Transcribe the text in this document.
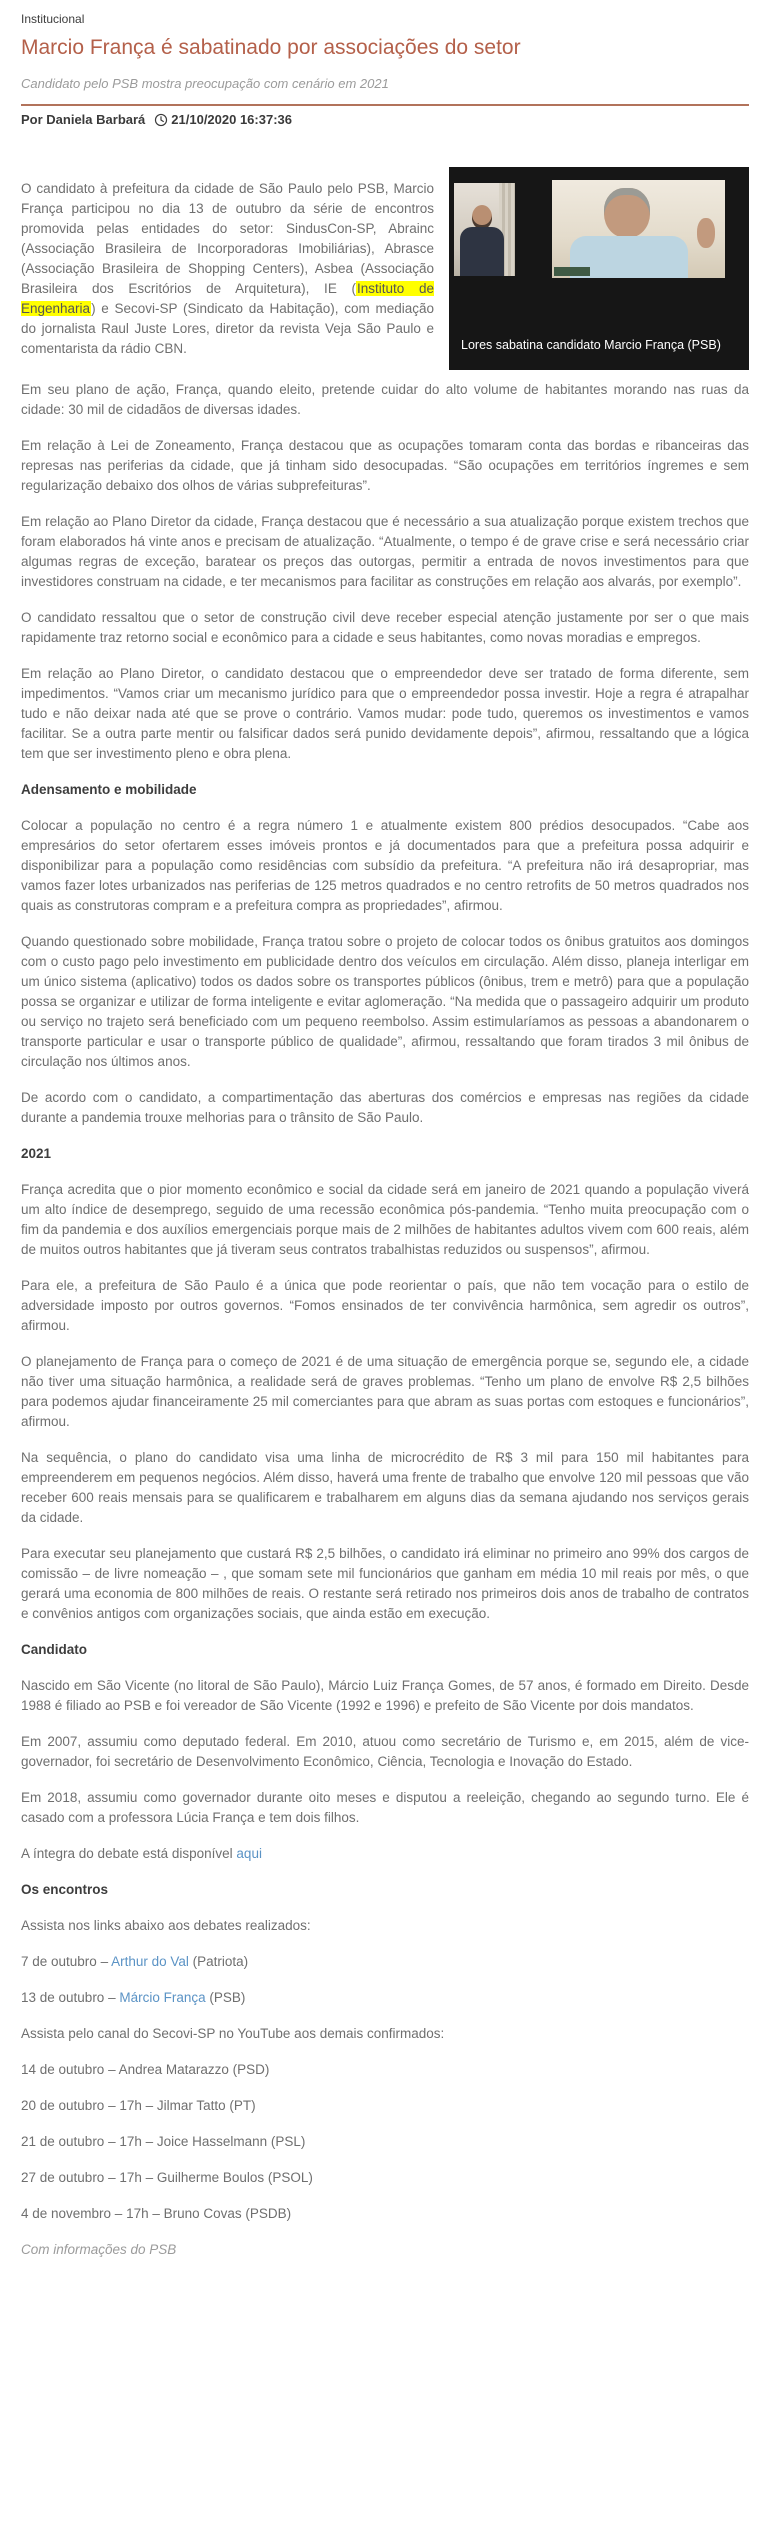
Institucional
Marcio França é sabatinado por associações do setor

Candidato pelo PSB mostra preocupação com cenário em 2021

Por Daniela Barbará 21/10/2020 16:37:36
Lores sabatina candidato Marcio França (PSB)

O candidato à prefeitura da cidade de São Paulo pelo PSB, Marcio França participou no dia 13 de outubro da série de encontros promovida pelas entidades do setor: SindusCon-SP, Abrainc (Associação Brasileira de Incorporadoras Imobiliárias), Abrasce (Associação Brasileira de Shopping Centers), Asbea (Associação Brasileira dos Escritórios de Arquitetura), IE (Instituto de Engenharia) e Secovi-SP (Sindicato da Habitação), com mediação do jornalista Raul Juste Lores, diretor da revista Veja São Paulo e comentarista da rádio CBN.

Em seu plano de ação, França, quando eleito, pretende cuidar do alto volume de habitantes morando nas ruas da cidade: 30 mil de cidadãos de diversas idades.

Em relação à Lei de Zoneamento, França destacou que as ocupações tomaram conta das bordas e ribanceiras das represas nas periferias da cidade, que já tinham sido desocupadas. “São ocupações em territórios íngremes e sem regularização debaixo dos olhos de várias subprefeituras”.

Em relação ao Plano Diretor da cidade, França destacou que é necessário a sua atualização porque existem trechos que foram elaborados há vinte anos e precisam de atualização. “Atualmente, o tempo é de grave crise e será necessário criar algumas regras de exceção, baratear os preços das outorgas, permitir a entrada de novos investimentos para que investidores construam na cidade, e ter mecanismos para facilitar as construções em relação aos alvarás, por exemplo”.

O candidato ressaltou que o setor de construção civil deve receber especial atenção justamente por ser o que mais rapidamente traz retorno social e econômico para a cidade e seus habitantes, como novas moradias e empregos.

Em relação ao Plano Diretor, o candidato destacou que o empreendedor deve ser tratado de forma diferente, sem impedimentos. “Vamos criar um mecanismo jurídico para que o empreendedor possa investir. Hoje a regra é atrapalhar tudo e não deixar nada até que se prove o contrário. Vamos mudar: pode tudo, queremos os investimentos e vamos facilitar. Se a outra parte mentir ou falsificar dados será punido devidamente depois”, afirmou, ressaltando que a lógica tem que ser investimento pleno e obra plena.

Adensamento e mobilidade

Colocar a população no centro é a regra número 1 e atualmente existem 800 prédios desocupados. “Cabe aos empresários do setor ofertarem esses imóveis prontos e já documentados para que a prefeitura possa adquirir e disponibilizar para a população como residências com subsídio da prefeitura. “A prefeitura não irá desapropriar, mas vamos fazer lotes urbanizados nas periferias de 125 metros quadrados e no centro retrofits de 50 metros quadrados nos quais as construtoras compram e a prefeitura compra as propriedades”, afirmou.

Quando questionado sobre mobilidade, França tratou sobre o projeto de colocar todos os ônibus gratuitos aos domingos com o custo pago pelo investimento em publicidade dentro dos veículos em circulação. Além disso, planeja interligar em um único sistema (aplicativo) todos os dados sobre os transportes públicos (ônibus, trem e metrô) para que a população possa se organizar e utilizar de forma inteligente e evitar aglomeração. “Na medida que o passageiro adquirir um produto ou serviço no trajeto será beneficiado com um pequeno reembolso. Assim estimularíamos as pessoas a abandonarem o transporte particular e usar o transporte público de qualidade”, afirmou, ressaltando que foram tirados 3 mil ônibus de circulação nos últimos anos.

De acordo com o candidato, a compartimentação das aberturas dos comércios e empresas nas regiões da cidade durante a pandemia trouxe melhorias para o trânsito de São Paulo.

2021

França acredita que o pior momento econômico e social da cidade será em janeiro de 2021 quando a população viverá um alto índice de desemprego, seguido de uma recessão econômica pós-pandemia. “Tenho muita preocupação com o fim da pandemia e dos auxílios emergenciais porque mais de 2 milhões de habitantes adultos vivem com 600 reais, além de muitos outros habitantes que já tiveram seus contratos trabalhistas reduzidos ou suspensos”, afirmou.

Para ele, a prefeitura de São Paulo é a única que pode reorientar o país, que não tem vocação para o estilo de adversidade imposto por outros governos. “Fomos ensinados de ter convivência harmônica, sem agredir os outros”, afirmou.

O planejamento de França para o começo de 2021 é de uma situação de emergência porque se, segundo ele, a cidade não tiver uma situação harmônica, a realidade será de graves problemas. “Tenho um plano de envolve R$ 2,5 bilhões para podemos ajudar financeiramente 25 mil comerciantes para que abram as suas portas com estoques e funcionários”, afirmou.

Na sequência, o plano do candidato visa uma linha de microcrédito de R$ 3 mil para 150 mil habitantes para empreenderem em pequenos negócios. Além disso, haverá uma frente de trabalho que envolve 120 mil pessoas que vão receber 600 reais mensais para se qualificarem e trabalharem em alguns dias da semana ajudando nos serviços gerais da cidade.

Para executar seu planejamento que custará R$ 2,5 bilhões, o candidato irá eliminar no primeiro ano 99% dos cargos de comissão – de livre nomeação – , que somam sete mil funcionários que ganham em média 10 mil reais por mês, o que gerará uma economia de 800 milhões de reais. O restante será retirado nos primeiros dois anos de trabalho de contratos e convênios antigos com organizações sociais, que ainda estão em execução.

Candidato

Nascido em São Vicente (no litoral de São Paulo), Márcio Luiz França Gomes, de 57 anos, é formado em Direito. Desde 1988 é filiado ao PSB e foi vereador de São Vicente (1992 e 1996) e prefeito de São Vicente por dois mandatos.

Em 2007, assumiu como deputado federal. Em 2010, atuou como secretário de Turismo e, em 2015, além de vice-governador, foi secretário de Desenvolvimento Econômico, Ciência, Tecnologia e Inovação do Estado.

Em 2018, assumiu como governador durante oito meses e disputou a reeleição, chegando ao segundo turno. Ele é casado com a professora Lúcia França e tem dois filhos.

A íntegra do debate está disponível aqui

Os encontros

Assista nos links abaixo aos debates realizados:

7 de outubro – Arthur do Val (Patriota)

13 de outubro – Márcio França (PSB)

Assista pelo canal do Secovi-SP no YouTube aos demais confirmados:

14 de outubro – Andrea Matarazzo (PSD)

20 de outubro – 17h – Jilmar Tatto (PT)

21 de outubro – 17h – Joice Hasselmann (PSL)

27 de outubro – 17h – Guilherme Boulos (PSOL)

4 de novembro – 17h – Bruno Covas (PSDB)

Com informações do PSB
